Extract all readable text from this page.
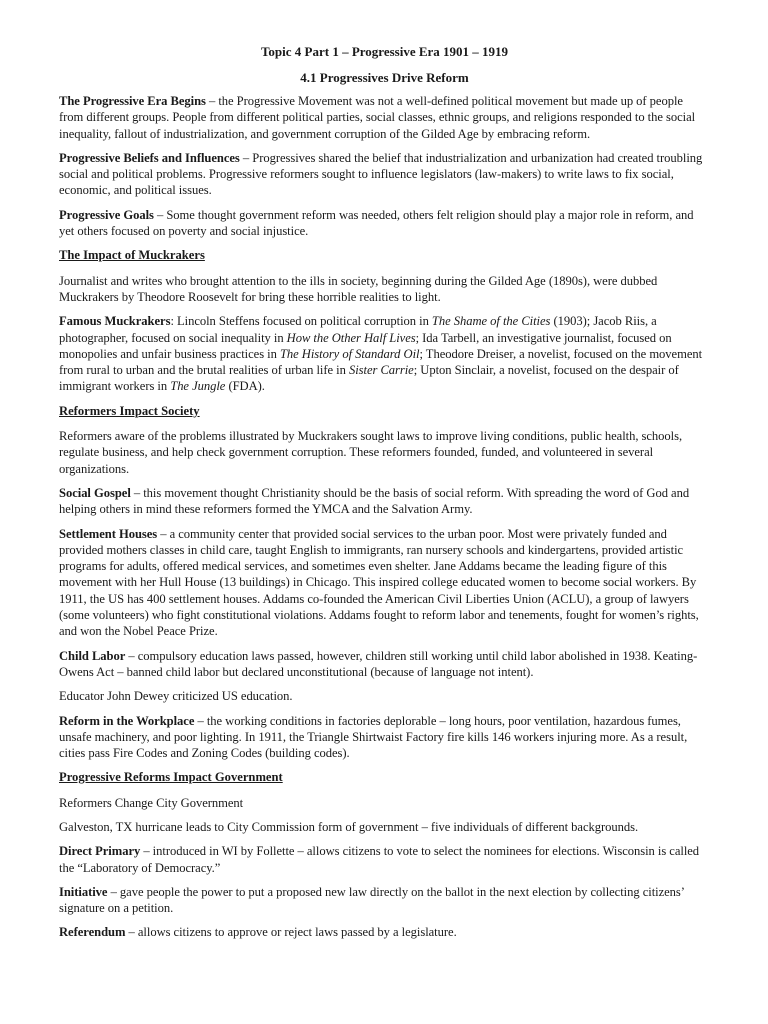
Topic 4 Part 1 – Progressive Era 1901 – 1919
4.1 Progressives Drive Reform

The Progressive Era Begins – the Progressive Movement was not a well-defined political movement but made up of people from different groups. People from different political parties, social classes, ethnic groups, and religions responded to the social inequality, fallout of industrialization, and government corruption of the Gilded Age by embracing reform.

Progressive Beliefs and Influences – Progressives shared the belief that industrialization and urbanization had created troubling social and political problems. Progressive reformers sought to influence legislators (law-makers) to write laws to fix social, economic, and political issues.

Progressive Goals – Some thought government reform was needed, others felt religion should play a major role in reform, and yet others focused on poverty and social injustice.

The Impact of Muckrakers

Journalist and writes who brought attention to the ills in society, beginning during the Gilded Age (1890s), were dubbed Muckrakers by Theodore Roosevelt for bring these horrible realities to light.

Famous Muckrakers: Lincoln Steffens focused on political corruption in The Shame of the Cities (1903); Jacob Riis, a photographer, focused on social inequality in How the Other Half Lives; Ida Tarbell, an investigative journalist, focused on monopolies and unfair business practices in The History of Standard Oil; Theodore Dreiser, a novelist, focused on the movement from rural to urban and the brutal realities of urban life in Sister Carrie; Upton Sinclair, a novelist, focused on the despair of immigrant workers in The Jungle (FDA).

Reformers Impact Society

Reformers aware of the problems illustrated by Muckrakers sought laws to improve living conditions, public health, schools, regulate business, and help check government corruption. These reformers founded, funded, and volunteered in several organizations.

Social Gospel – this movement thought Christianity should be the basis of social reform. With spreading the word of God and helping others in mind these reformers formed the YMCA and the Salvation Army.

Settlement Houses – a community center that provided social services to the urban poor. Most were privately funded and provided mothers classes in child care, taught English to immigrants, ran nursery schools and kindergartens, provided artistic programs for adults, offered medical services, and sometimes even shelter. Jane Addams became the leading figure of this movement with her Hull House (13 buildings) in Chicago. This inspired college educated women to become social workers. By 1911, the US has 400 settlement houses. Addams co-founded the American Civil Liberties Union (ACLU), a group of lawyers (some volunteers) who fight constitutional violations. Addams fought to reform labor and tenements, fought for women’s rights, and won the Nobel Peace Prize.

Child Labor – compulsory education laws passed, however, children still working until child labor abolished in 1938. Keating-Owens Act – banned child labor but declared unconstitutional (because of language not intent).

Educator John Dewey criticized US education.

Reform in the Workplace – the working conditions in factories deplorable – long hours, poor ventilation, hazardous fumes, unsafe machinery, and poor lighting. In 1911, the Triangle Shirtwaist Factory fire kills 146 workers injuring more. As a result, cities pass Fire Codes and Zoning Codes (building codes).

Progressive Reforms Impact Government

Reformers Change City Government

Galveston, TX hurricane leads to City Commission form of government – five individuals of different backgrounds.

Direct Primary – introduced in WI by Follette – allows citizens to vote to select the nominees for elections. Wisconsin is called the “Laboratory of Democracy.”

Initiative – gave people the power to put a proposed new law directly on the ballot in the next election by collecting citizens’ signature on a petition.

Referendum – allows citizens to approve or reject laws passed by a legislature.
